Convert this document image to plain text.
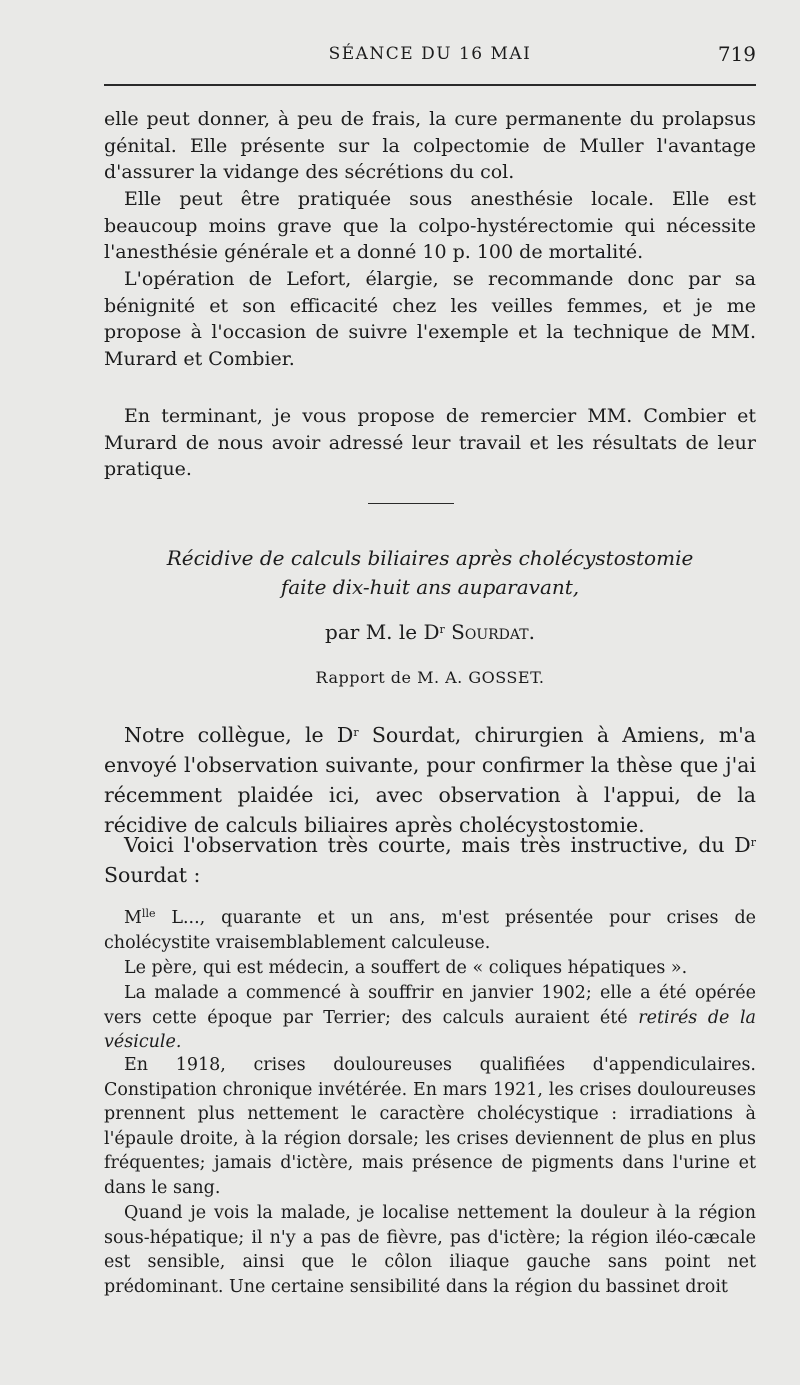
SÉANCE DU 16 MAI	719

elle peut donner, à peu de frais, la cure permanente du prolapsus génital. Elle présente sur la colpectomie de Muller l'avantage d'assurer la vidange des sécrétions du col.

Elle peut être pratiquée sous anesthésie locale. Elle est beaucoup moins grave que la colpo-hystérectomie qui nécessite l'anesthésie générale et a donné 10 p. 100 de mortalité.

L'opération de Lefort, élargie, se recommande donc par sa bénignité et son efficacité chez les veilles femmes, et je me propose à l'occasion de suivre l'exemple et la technique de MM. Murard et Combier.

En terminant, je vous propose de remercier MM. Combier et Murard de nous avoir adressé leur travail et les résultats de leur pratique.

Récidive de calculs biliaires après cholécystostomie
faite dix-huit ans auparavant,
par M. le $D^r$ Sourdat.
Rapport de M. A. GOSSET.

Notre collègue, le $D^r$ Sourdat, chirurgien à Amiens, m'a envoyé l'observation suivante, pour confirmer la thèse que j'ai récemment plaidée ici, avec observation à l'appui, de la récidive de calculs biliaires après cholécystostomie.

Voici l'observation très courte, mais très instructive, du $D^r$ Sourdat :

$M^{lle}$ L..., quarante et un ans, m'est présentée pour crises de cholécystite vraisemblablement calculeuse.

Le père, qui est médecin, a souffert de « coliques hépatiques ».

La malade a commencé à souffrir en janvier 1902; elle a été opérée vers cette époque par Terrier; des calculs auraient été retirés de la vésicule.

En 1918, crises douloureuses qualifiées d'appendiculaires. Constipation chronique invétérée. En mars 1921, les crises douloureuses prennent plus nettement le caractère cholécystique : irradiations à l'épaule droite, à la région dorsale; les crises deviennent de plus en plus fréquentes; jamais d'ictère, mais présence de pigments dans l'urine et dans le sang.

Quand je vois la malade, je localise nettement la douleur à la région sous-hépatique; il n'y a pas de fièvre, pas d'ictère; la région iléo-cæcale est sensible, ainsi que le côlon iliaque gauche sans point net prédominant. Une certaine sensibilité dans la région du bassinet droit
